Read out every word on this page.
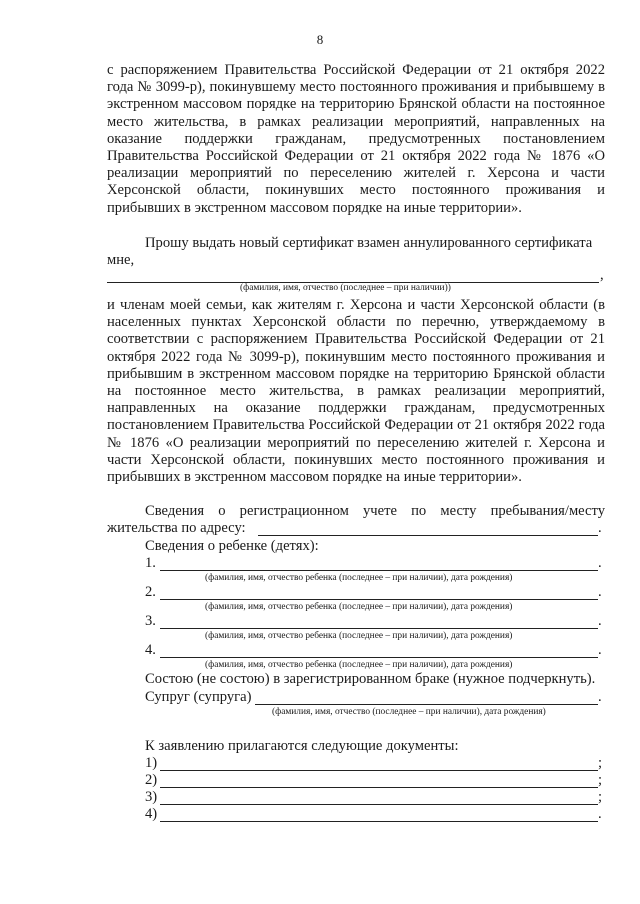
8
с распоряжением Правительства Российской Федерации от 21 октября 2022 года № 3099-р), покинувшему место постоянного проживания и прибывшему в экстренном массовом порядке на территорию Брянской области на постоянное место жительства, в рамках реализации мероприятий, направленных на оказание поддержки гражданам, предусмотренных постановлением Правительства Российской Федерации от 21 октября 2022 года № 1876 «О реализации мероприятий по переселению жителей г. Херсона и части Херсонской области, покинувших место постоянного проживания и прибывших в экстренном массовом порядке на иные территории».
Прошу выдать новый сертификат взамен аннулированного сертификата
мне,
,
(фамилия, имя, отчество (последнее – при наличии))
и членам моей семьи, как жителям г. Херсона и части Херсонской области (в населенных пунктах Херсонской области по перечню, утверждаемому в соответствии с распоряжением Правительства Российской Федерации от 21 октября 2022 года № 3099-р), покинувшим место постоянного проживания и прибывшим в экстренном массовом порядке на территорию Брянской области на постоянное место жительства, в рамках реализации мероприятий, направленных на оказание поддержки гражданам, предусмотренных постановлением Правительства Российской Федерации от 21 октября 2022 года № 1876 «О реализации мероприятий по переселению жителей г. Херсона и части Херсонской области, покинувших место постоянного проживания и прибывших в экстренном массовом порядке на иные территории».
Сведения о регистрационном учете по месту пребывания/месту
жительства по адресу:	.
Сведения о ребенке (детях):
1.	.
(фамилия, имя, отчество ребенка (последнее – при наличии), дата рождения)
2.	.
(фамилия, имя, отчество ребенка (последнее – при наличии), дата рождения)
3.	.
(фамилия, имя, отчество ребенка (последнее – при наличии), дата рождения)
4.	.
(фамилия, имя, отчество ребенка (последнее – при наличии), дата рождения)
Состою (не состою) в зарегистрированном браке (нужное подчеркнуть).
Супруг (супруга)	.
(фамилия, имя, отчество (последнее – при наличии), дата рождения)
К заявлению прилагаются следующие документы:
1)	;
2)	;
3)	;
4)	.
